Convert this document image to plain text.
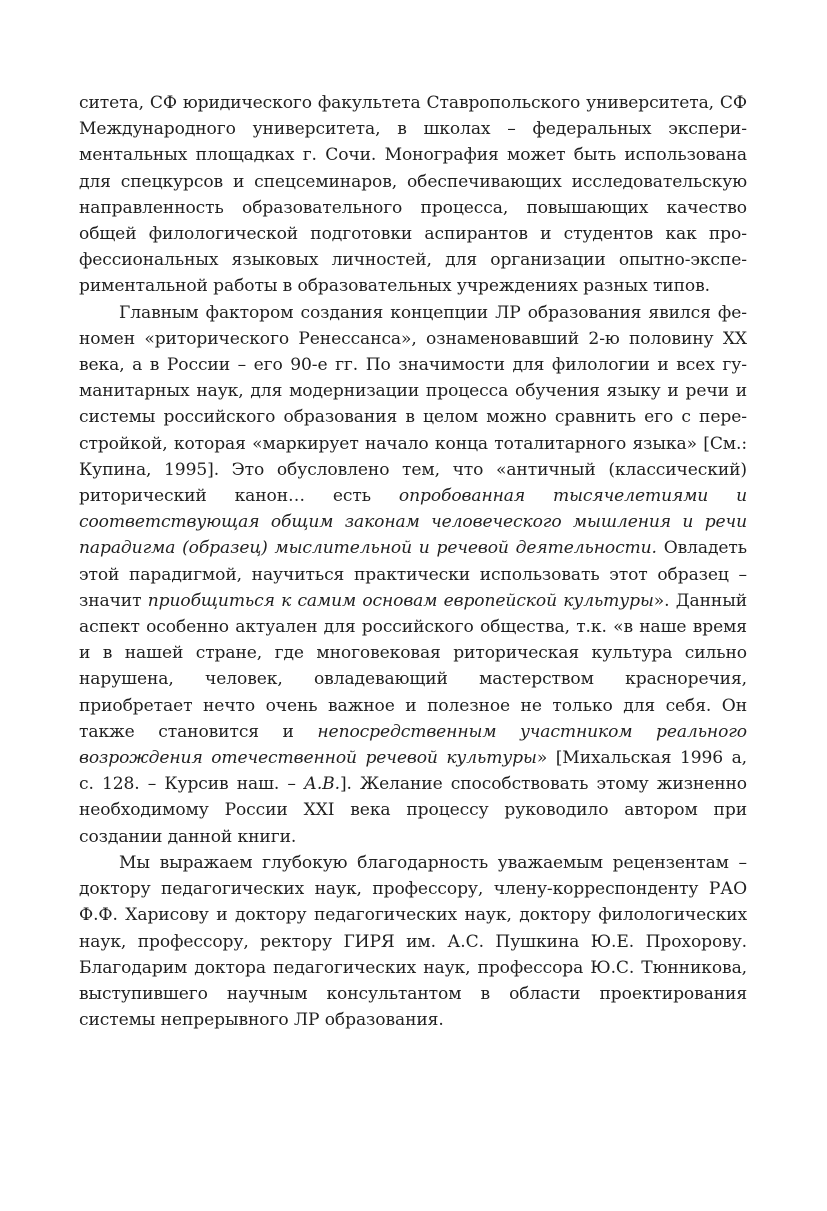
ситета, СФ юридического факультета Ставропольского университета, СФ Международного университета, в школах – федеральных экспериментальных площадках г. Сочи. Монография может быть использована для спецкурсов и спецсеминаров, обеспечивающих исследовательскую направленность образовательного процесса, повышающих качество общей филологической подготовки аспирантов и студентов как профессиональных языковых личностей, для организации опытно-экспериментальной работы в образовательных учреждениях разных типов.

Главным фактором создания концепции ЛР образования явился феномен «риторического Ренессанса», ознаменовавший 2-ю половину XX века, а в России – его 90-е гг. По значимости для филологии и всех гуманитарных наук, для модернизации процесса обучения языку и речи и системы российского образования в целом можно сравнить его с перестройкой, которая «маркирует начало конца тоталитарного языка» [См.: Купина, 1995]. Это обусловлено тем, что «античный (классический) риторический канон… есть опробованная тысячелетиями и соответствующая общим законам человеческого мышления и речи парадигма (образец) мыслительной и речевой деятельности. Овладеть этой парадигмой, научиться практически использовать этот образец – значит приобщиться к самим основам европейской культуры». Данный аспект особенно актуален для российского общества, т.к. «в наше время и в нашей стране, где многовековая риторическая культура сильно нарушена, человек, овладевающий мастерством красноречия, приобретает нечто очень важное и полезное не только для себя. Он также становится и непосредственным участником реального возрождения отечественной речевой культуры» [Михальская 1996 а, с. 128. – Курсив наш. – А.В.]. Желание способствовать этому жизненно необходимому России XXI века процессу руководило автором при создании данной книги.

Мы выражаем глубокую благодарность уважаемым рецензентам – доктору педагогических наук, профессору, члену-корреспонденту РАО Ф.Ф. Харисову и доктору педагогических наук, доктору филологических наук, профессору, ректору ГИРЯ им. А.С. Пушкина Ю.Е. Прохорову. Благодарим доктора педагогических наук, профессора Ю.С. Тюнникова, выступившего научным консультантом в области проектирования системы непрерывного ЛР образования.
